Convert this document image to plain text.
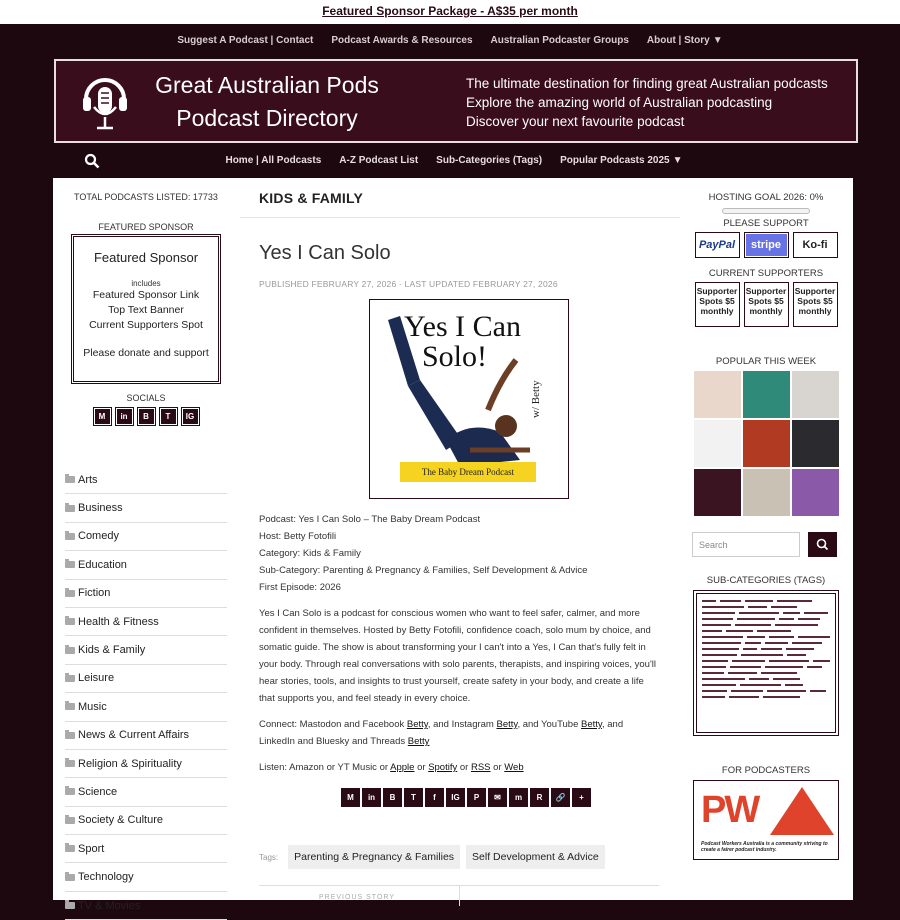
Featured Sponsor Package - A$35 per month
Suggest A Podcast | Contact Podcast Awards & Resources Australian Podcaster Groups About | Story ▼
Great Australian Pods
Podcast Directory
The ultimate destination for finding great Australian podcasts
Explore the amazing world of Australian podcasting
Discover your next favourite podcast
Home | All Podcasts A-Z Podcast List Sub-Categories (Tags) Popular Podcasts 2025 ▼
TOTAL PODCASTS LISTED: 17733
FEATURED SPONSOR
Featured Sponsor
includes
Featured Sponsor Link
Top Text Banner
Current Supporters Spot
Please donate and support
SOCIALS
M	in	B	T	IG
Arts
Business
Comedy
Education
Fiction
Health & Fitness
Kids & Family
Leisure
Music
News & Current Affairs
Religion & Spirituality
Science
Society & Culture
Sport
Technology
TV & Movies
KIDS & FAMILY
Yes I Can Solo
PUBLISHED FEBRUARY 27, 2026 · LAST UPDATED FEBRUARY 27, 2026
Yes I Can
Solo!
w/ Betty
The Baby Dream Podcast
Podcast: Yes I Can Solo – The Baby Dream Podcast
Host: Betty Fotofili
Category: Kids & Family
Sub-Category: Parenting & Pregnancy & Families, Self Development & Advice
First Episode: 2026

Yes I Can Solo is a podcast for conscious women who want to feel safer, calmer, and more confident in themselves. Hosted by Betty Fotofili, confidence coach, solo mum by choice, and somatic guide. The show is about transforming your I can't into a Yes, I Can that's fully felt in your body. Through real conversations with solo parents, therapists, and inspiring voices, you'll hear stories, tools, and insights to trust yourself, create safety in your body, and create a life that supports you, and feel steady in every choice.

Connect: Mastodon and Facebook Betty, and Instagram Betty, and YouTube Betty, and LinkedIn and Bluesky and Threads Betty

Listen: Amazon or YT Music or Apple or Spotify or RSS or Web

M	in	B	T	f	IG	P	✉	m	R	🔗	+
Tags:	Parenting & Pregnancy & Families	Self Development & Advice
PREVIOUS STORY
HOSTING GOAL 2026: 0%
PLEASE SUPPORT
PayPal	stripe	Ko-fi
CURRENT SUPPORTERS
Supporter Spots $5 monthly
Supporter Spots $5 monthly
Supporter Spots $5 monthly
POPULAR THIS WEEK
Search
SUB-CATEGORIES (TAGS)
FOR PODCASTERS
PW
Podcast Workers Australia is a community striving to create a fairer podcast industry.
